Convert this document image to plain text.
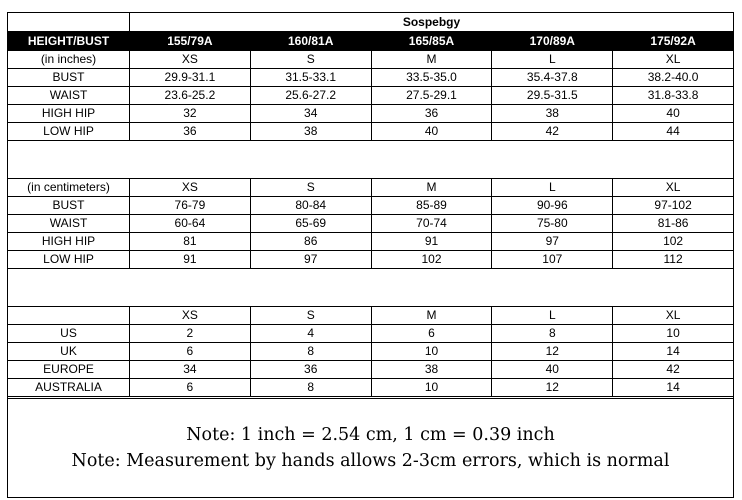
	Sospebgy				
HEIGHT/BUST	155/79A	160/81A	165/85A	170/89A	175/92A
(in inches)	XS	S	M	L	XL
BUST	29.9-31.1	31.5-33.1	33.5-35.0	35.4-37.8	38.2-40.0
WAIST	23.6-25.2	25.6-27.2	27.5-29.1	29.5-31.5	31.8-33.8
HIGH HIP	32	34	36	38	40
LOW HIP	36	38	40	42	44
(in centimeters)	XS	S	M	L	XL
BUST	76-79	80-84	85-89	90-96	97-102
WAIST	60-64	65-69	70-74	75-80	81-86
HIGH HIP	81	86	91	97	102
LOW HIP	91	97	102	107	112
	XS	S	M	L	XL
US	2	4	6	8	10
UK	6	8	10	12	14
EUROPE	34	36	38	40	42
AUSTRALIA	6	8	10	12	14
Note: 1 inch = 2.54 cm, 1 cm = 0.39 inch
Note: Measurement by hands allows 2-3cm errors, which is normal
